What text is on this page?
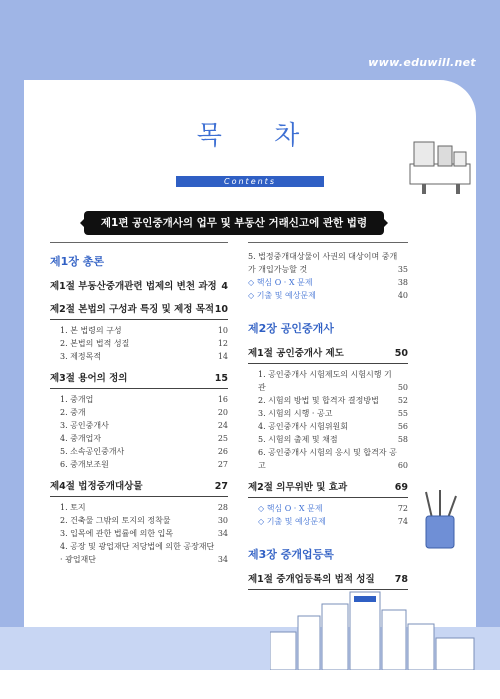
www.eduwill.net
목 차
Contents
제1편 공인중개사의 업무 및 부동산 거래신고에 관한 법령
제1장 총론
제1절 부동산중개관련 법제의 변천 과정 4
제2절 본법의 구성과 특징 및 제정 목적 10
1. 본 법령의 구성	10
2. 본법의 법적 성질	12
3. 제정목적	14
제3절 용어의 정의	15
1. 중개업	16
2. 중개	20
3. 공인중개사	24
4. 중개업자	25
5. 소속공인중개사	26
6. 중개보조원	27
제4절 법정중개대상물	27
1. 토지	28
2. 건축물 그밖의 토지의 정착물	30
3. 입목에 관한 법률에 의한 입목	34
4. 공장 및 광업재단 저당법에 의한 공장재단 · 광업재단	34
5. 법정중개대상물이 사권의 대상이며 중개가 개입가능할 것	35
◇ 핵심 O · X 문제	38
◇ 기출 및 예상문제	40
제2장 공인중개사
제1절 공인중개사 제도	50
1. 공인중개사 시험제도의 시험시행 기관	50
2. 시험의 방법 및 합격자 결정방법 52
3. 시험의 시행 · 공고	55
4. 공인중개사 시험위원회	56
5. 시험의 출제 및 채점	58
6. 공인중개사 시험의 응시 및 합격자 공고	60
제2절 의무위반 및 효과	69
◇ 핵심 O · X 문제	72
◇ 기출 및 예상문제	74
제3장 중개업등록
제1절 중개업등록의 법적 성질 78
